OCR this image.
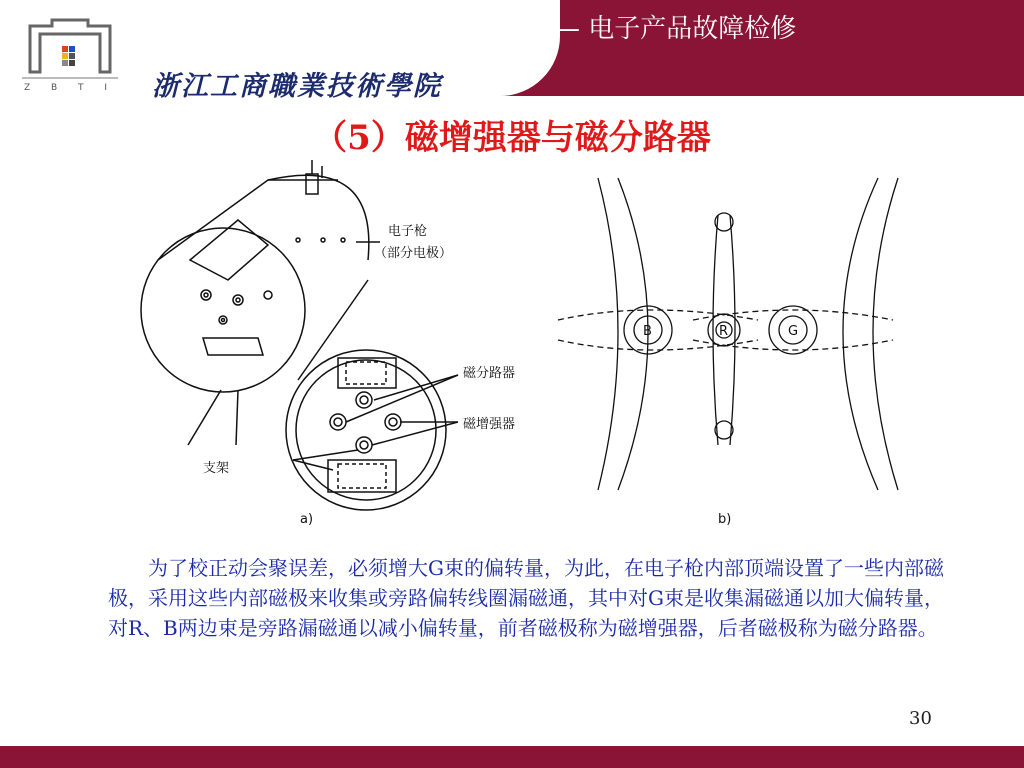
Z B T I 浙江工商職業技術學院
—— 电子产品故障检修
（5）磁增强器与磁分路器
电子枪
（部分电极）
磁分路器
磁增强器
支架
a)
B	R	G
b)
为了校正动会聚误差，必须增大G束的偏转量，为此，在电子枪内部顶端设置了一些内部磁极，采用这些内部磁极来收集或旁路偏转线圈漏磁通，其中对G束是收集漏磁通以加大偏转量，对R、B两边束是旁路漏磁通以减小偏转量，前者磁极称为磁增强器，后者磁极称为磁分路器。
30
